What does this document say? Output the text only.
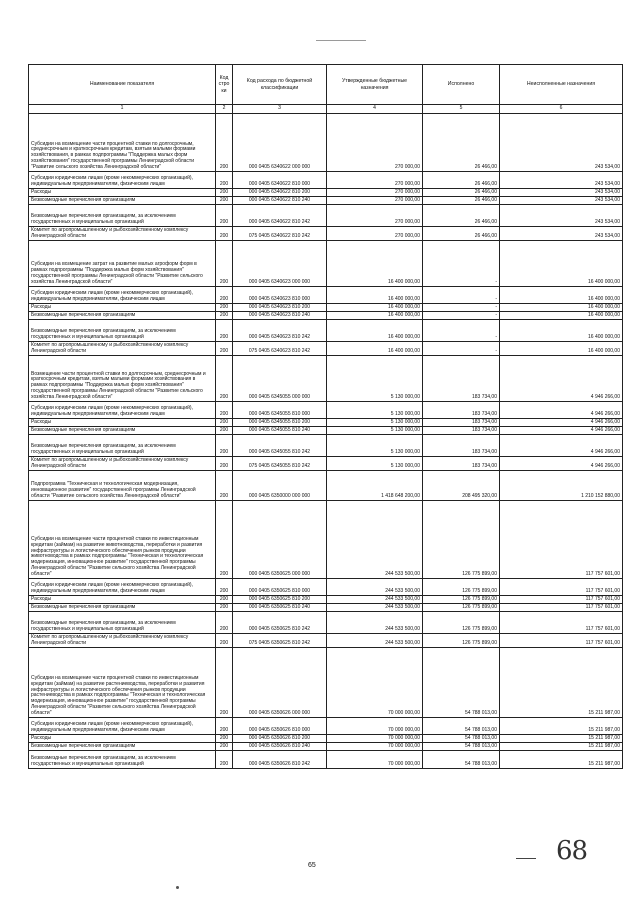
Наименование показателя	Код стро ки	Код расхода по бюджетной классификации	Утвержденные бюджетные назначения	Исполнено	Неисполненные назначения
1	2	3	4	5	6
Субсидии на возмещение части процентной ставки по долгосрочным, среднесрочным и краткосрочным кредитам, взятым малыми формами хозяйствования, в рамках подпрограммы "Поддержка малых форм хозяйствования" государственной программы Ленинградской области "Развитие сельского хозяйства Ленинградской области"	200	000 0405 6340622 000 000	270 000,00	26 466,00	243 534,00
Субсидии юридическим лицам (кроме некоммерческих организаций), индивидуальным предпринимателям, физическим лицам	200	000 0405 6340622 810 000	270 000,00	26 466,00	243 534,00
Расходы	200	000 0405 6340622 810 200	270 000,00	26 466,00	243 534,00
Безвозмездные перечисления организациям	200	000 0405 6340622 810 240	270 000,00	26 466,00	243 534,00
Безвозмездные перечисления организациям, за исключением государственных и муниципальных организаций	200	000 0405 6340622 810 242	270 000,00	26 466,00	243 534,00
Комитет по агропромышленному и рыбохозяйственному комплексу Ленинградской области	200	075 0405 6340622 810 242	270 000,00	26 466,00	243 534,00
Субсидии на возмещение затрат на развитие малых агроформ форм в рамках подпрограммы "Поддержка малых форм хозяйствования" государственной программы Ленинградской области "Развитие сельского хозяйства Ленинградской области"	200	000 0405 6340623 000 000	16 400 000,00	-	16 400 000,00
Субсидии юридическим лицам (кроме некоммерческих организаций), индивидуальным предпринимателям, физическим лицам	200	000 0405 6340623 810 000	16 400 000,00	-	16 400 000,00
Расходы	200	000 0405 6340623 810 200	16 400 000,00	-	16 400 000,00
Безвозмездные перечисления организациям	200	000 0405 6340623 810 240	16 400 000,00	-	16 400 000,00
Безвозмездные перечисления организациям, за исключением государственных и муниципальных организаций	200	000 0405 6340623 810 242	16 400 000,00	-	16 400 000,00
Комитет по агропромышленному и рыбохозяйственному комплексу Ленинградской области	200	075 0405 6340623 810 242	16 400 000,00	-	16 400 000,00
Возмещение части процентной ставки по долгосрочным, среднесрочным и краткосрочным кредитам, взятым малыми формами хозяйствования в рамках подпрограммы "Поддержка малых форм хозяйствования" государственной программы Ленинградской области "Развитие сельского хозяйства Ленинградской области"	200	000 0405 6345055 000 000	5 130 000,00	183 734,00	4 946 266,00
Субсидии юридическим лицам (кроме некоммерческих организаций), индивидуальным предпринимателям, физическим лицам	200	000 0405 6345055 810 000	5 130 000,00	183 734,00	4 946 266,00
Расходы	200	000 0405 6345055 810 200	5 130 000,00	183 734,00	4 946 266,00
Безвозмездные перечисления организациям	200	000 0405 6345055 810 240	5 130 000,00	183 734,00	4 946 266,00
Безвозмездные перечисления организациям, за исключением государственных и муниципальных организаций	200	000 0405 6345055 810 242	5 130 000,00	183 734,00	4 946 266,00
Комитет по агропромышленному и рыбохозяйственному комплексу Ленинградской области	200	075 0405 6345055 810 242	5 130 000,00	183 734,00	4 946 266,00
Подпрограмма "Техническая и технологическая модернизация, инновационное развитие" государственной программы Ленинградской области "Развитие сельского хозяйства Ленинградской области"	200	000 0405 6350000 000 000	1 418 648 200,00	208 495 320,00	1 210 152 880,00
Субсидии на возмещение части процентной ставки по инвестиционным кредитам (займам) на развитие животноводства, переработки и развития инфраструктуры и логистического обеспечения рынков продукции животноводства в рамках подпрограммы "Техническая и технологическая модернизация, инновационное развитие" государственной программы Ленинградской области "Развитие сельского хозяйства Ленинградской области"	200	000 0405 6350625 000 000	244 533 500,00	126 775 899,00	117 757 601,00
Субсидии юридическим лицам (кроме некоммерческих организаций), индивидуальным предпринимателям, физическим лицам	200	000 0405 6350625 810 000	244 533 500,00	126 775 899,00	117 757 601,00
Расходы	200	000 0405 6350625 810 200	244 533 500,00	126 775 899,00	117 757 601,00
Безвозмездные перечисления организациям	200	000 0405 6350625 810 240	244 533 500,00	126 775 899,00	117 757 601,00
Безвозмездные перечисления организациям, за исключением государственных и муниципальных организаций	200	000 0405 6350625 810 242	244 533 500,00	126 775 899,00	117 757 601,00
Комитет по агропромышленному и рыбохозяйственному комплексу Ленинградской области	200	075 0405 6350625 810 242	244 533 500,00	126 775 899,00	117 757 601,00
Субсидии на возмещение части процентной ставки по инвестиционным кредитам (займам) на развитие растениеводства, переработки и развития инфраструктуры и логистического обеспечения рынков продукции растениеводства в рамках подпрограммы "Техническая и технологическая модернизация, инновационное развитие" государственной программы Ленинградской области "Развитие сельского хозяйства Ленинградской области"	200	000 0405 6350626 000 000	70 000 000,00	54 788 013,00	15 211 987,00
Субсидии юридическим лицам (кроме некоммерческих организаций), индивидуальным предпринимателям, физическим лицам	200	000 0405 6350626 810 000	70 000 000,00	54 788 013,00	15 211 987,00
Расходы	200	000 0405 6350626 810 200	70 000 000,00	54 788 013,00	15 211 987,00
Безвозмездные перечисления организациям	200	000 0405 6350626 810 240	70 000 000,00	54 788 013,00	15 211 987,00
Безвозмездные перечисления организациям, за исключением государственных и муниципальных организаций	200	000 0405 6350626 810 242	70 000 000,00	54 788 013,00	15 211 987,00
65	68
